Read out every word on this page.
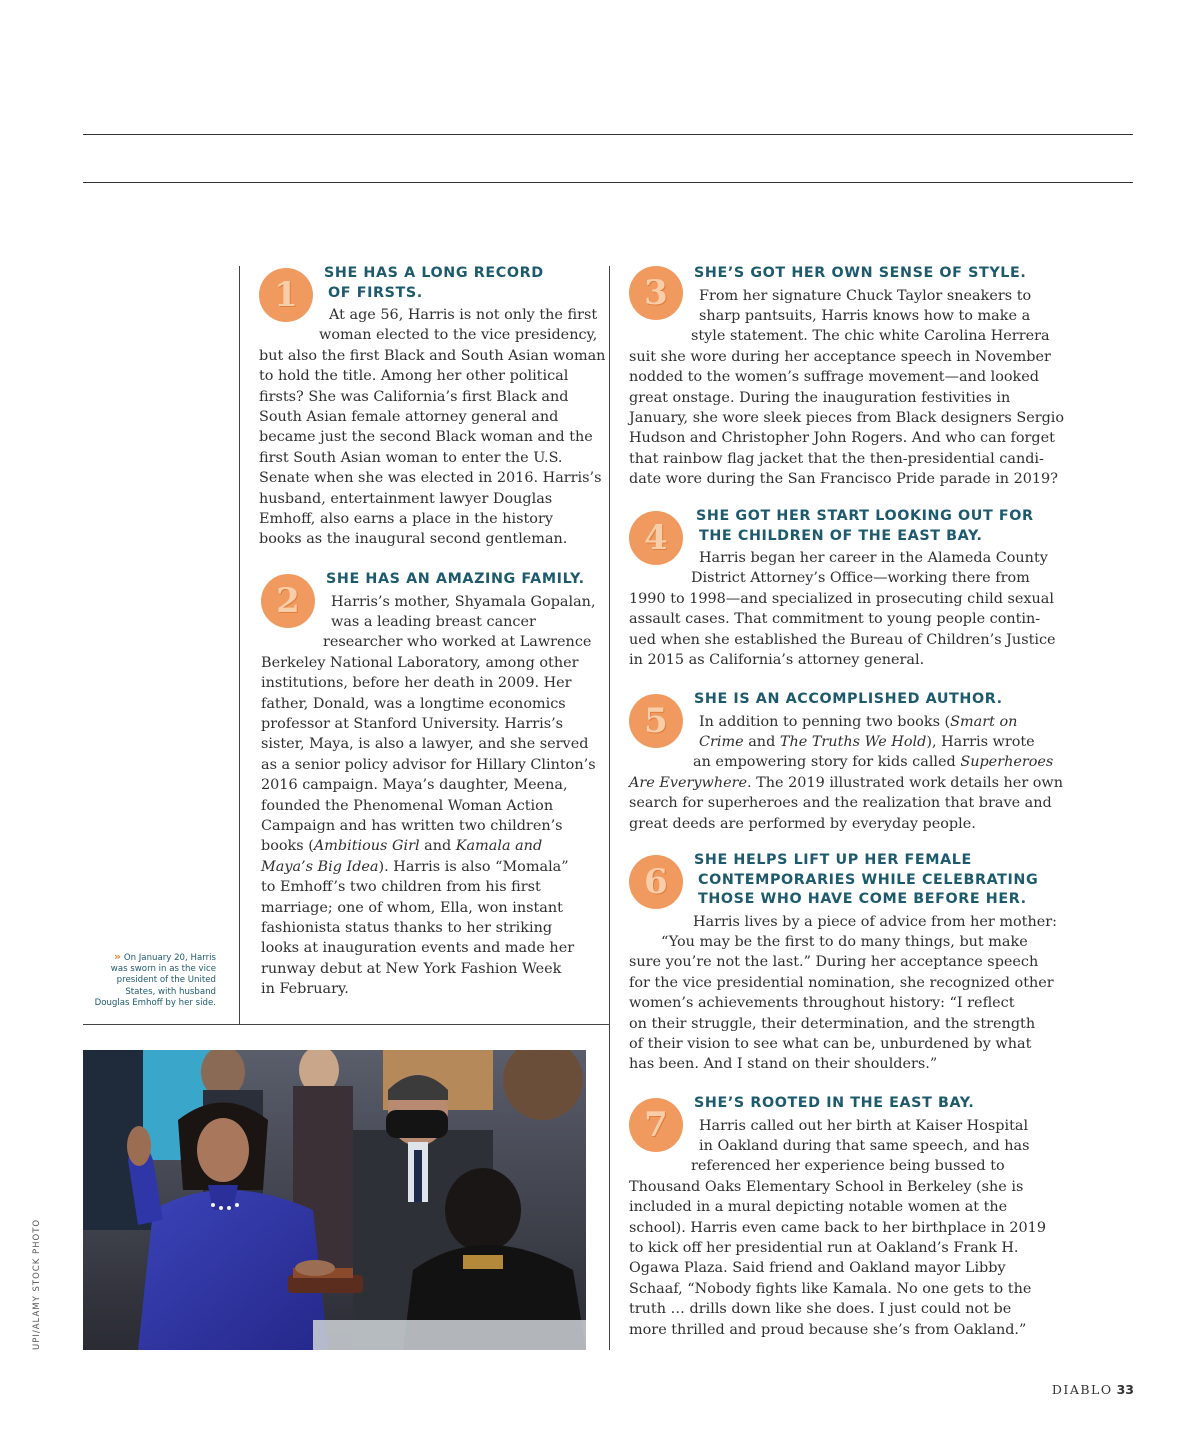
1
SHE HAS A LONG RECORD
OF FIRSTS.
At age 56, Harris is not only the first
woman elected to the vice presidency,
but also the first Black and South Asian woman
to hold the title. Among her other political
firsts? She was California’s first Black and
South Asian female attorney general and
became just the second Black woman and the
first South Asian woman to enter the U.S.
Senate when she was elected in 2016. Harris’s
husband, entertainment lawyer Douglas
Emhoff, also earns a place in the history
books as the inaugural second gentleman.
2
SHE HAS AN AMAZING FAMILY.
Harris’s mother, Shyamala Gopalan,
was a leading breast cancer
researcher who worked at Lawrence
Berkeley National Laboratory, among other
institutions, before her death in 2009. Her
father, Donald, was a longtime economics
professor at Stanford University. Harris’s
sister, Maya, is also a lawyer, and she served
as a senior policy advisor for Hillary Clinton’s
2016 campaign. Maya’s daughter, Meena,
founded the Phenomenal Woman Action
Campaign and has written two children’s
books (Ambitious Girl and Kamala and
Maya’s Big Idea). Harris is also “Momala”
to Emhoff’s two children from his first
marriage; one of whom, Ella, won instant
fashionista status thanks to her striking
looks at inauguration events and made her
runway debut at New York Fashion Week
in February.
3	SHE’S GOT HER OWN SENSE OF STYLE.
From her signature Chuck Taylor sneakers to
sharp pantsuits, Harris knows how to make a
style statement. The chic white Carolina Herrera
suit she wore during her acceptance speech in November
nodded to the women’s suffrage movement—and looked
great onstage. During the inauguration festivities in
January, she wore sleek pieces from Black designers Sergio
Hudson and Christopher John Rogers. And who can forget
that rainbow flag jacket that the then-presidential candi-
date wore during the San Francisco Pride parade in 2019?
4
SHE GOT HER START LOOKING OUT FOR
THE CHILDREN OF THE EAST BAY.
Harris began her career in the Alameda County
District Attorney’s Office—working there from
1990 to 1998—and specialized in prosecuting child sexual
assault cases. That commitment to young people contin-
ued when she established the Bureau of Children’s Justice
in 2015 as California’s attorney general.
5
SHE IS AN ACCOMPLISHED AUTHOR.
In addition to penning two books (Smart on
Crime and The Truths We Hold), Harris wrote
an empowering story for kids called Superheroes
Are Everywhere. The 2019 illustrated work details her own
search for superheroes and the realization that brave and
great deeds are performed by everyday people.
6
SHE HELPS LIFT UP HER FEMALE
CONTEMPORARIES WHILE CELEBRATING
THOSE WHO HAVE COME BEFORE HER.
Harris lives by a piece of advice from her mother:
“You may be the first to do many things, but make
sure you’re not the last.” During her acceptance speech
for the vice presidential nomination, she recognized other
women’s achievements throughout history: “I reflect
on their struggle, their determination, and the strength
of their vision to see what can be, unburdened by what
has been. And I stand on their shoulders.”
7
SHE’S ROOTED IN THE EAST BAY.
Harris called out her birth at Kaiser Hospital
in Oakland during that same speech, and has
referenced her experience being bussed to
Thousand Oaks Elementary School in Berkeley (she is
included in a mural depicting notable women at the
school). Harris even came back to her birthplace in 2019
to kick off her presidential run at Oakland’s Frank H.
Ogawa Plaza. Said friend and Oakland mayor Libby
Schaaf, “Nobody fights like Kamala. No one gets to the
truth … drills down like she does. I just could not be
more thrilled and proud because she’s from Oakland.”
» On January 20, Harris
was sworn in as the vice
president of the United
States, with husband
Douglas Emhoff by her side.
UPI/ALAMY STOCK PHOTO
DIABLO 33
